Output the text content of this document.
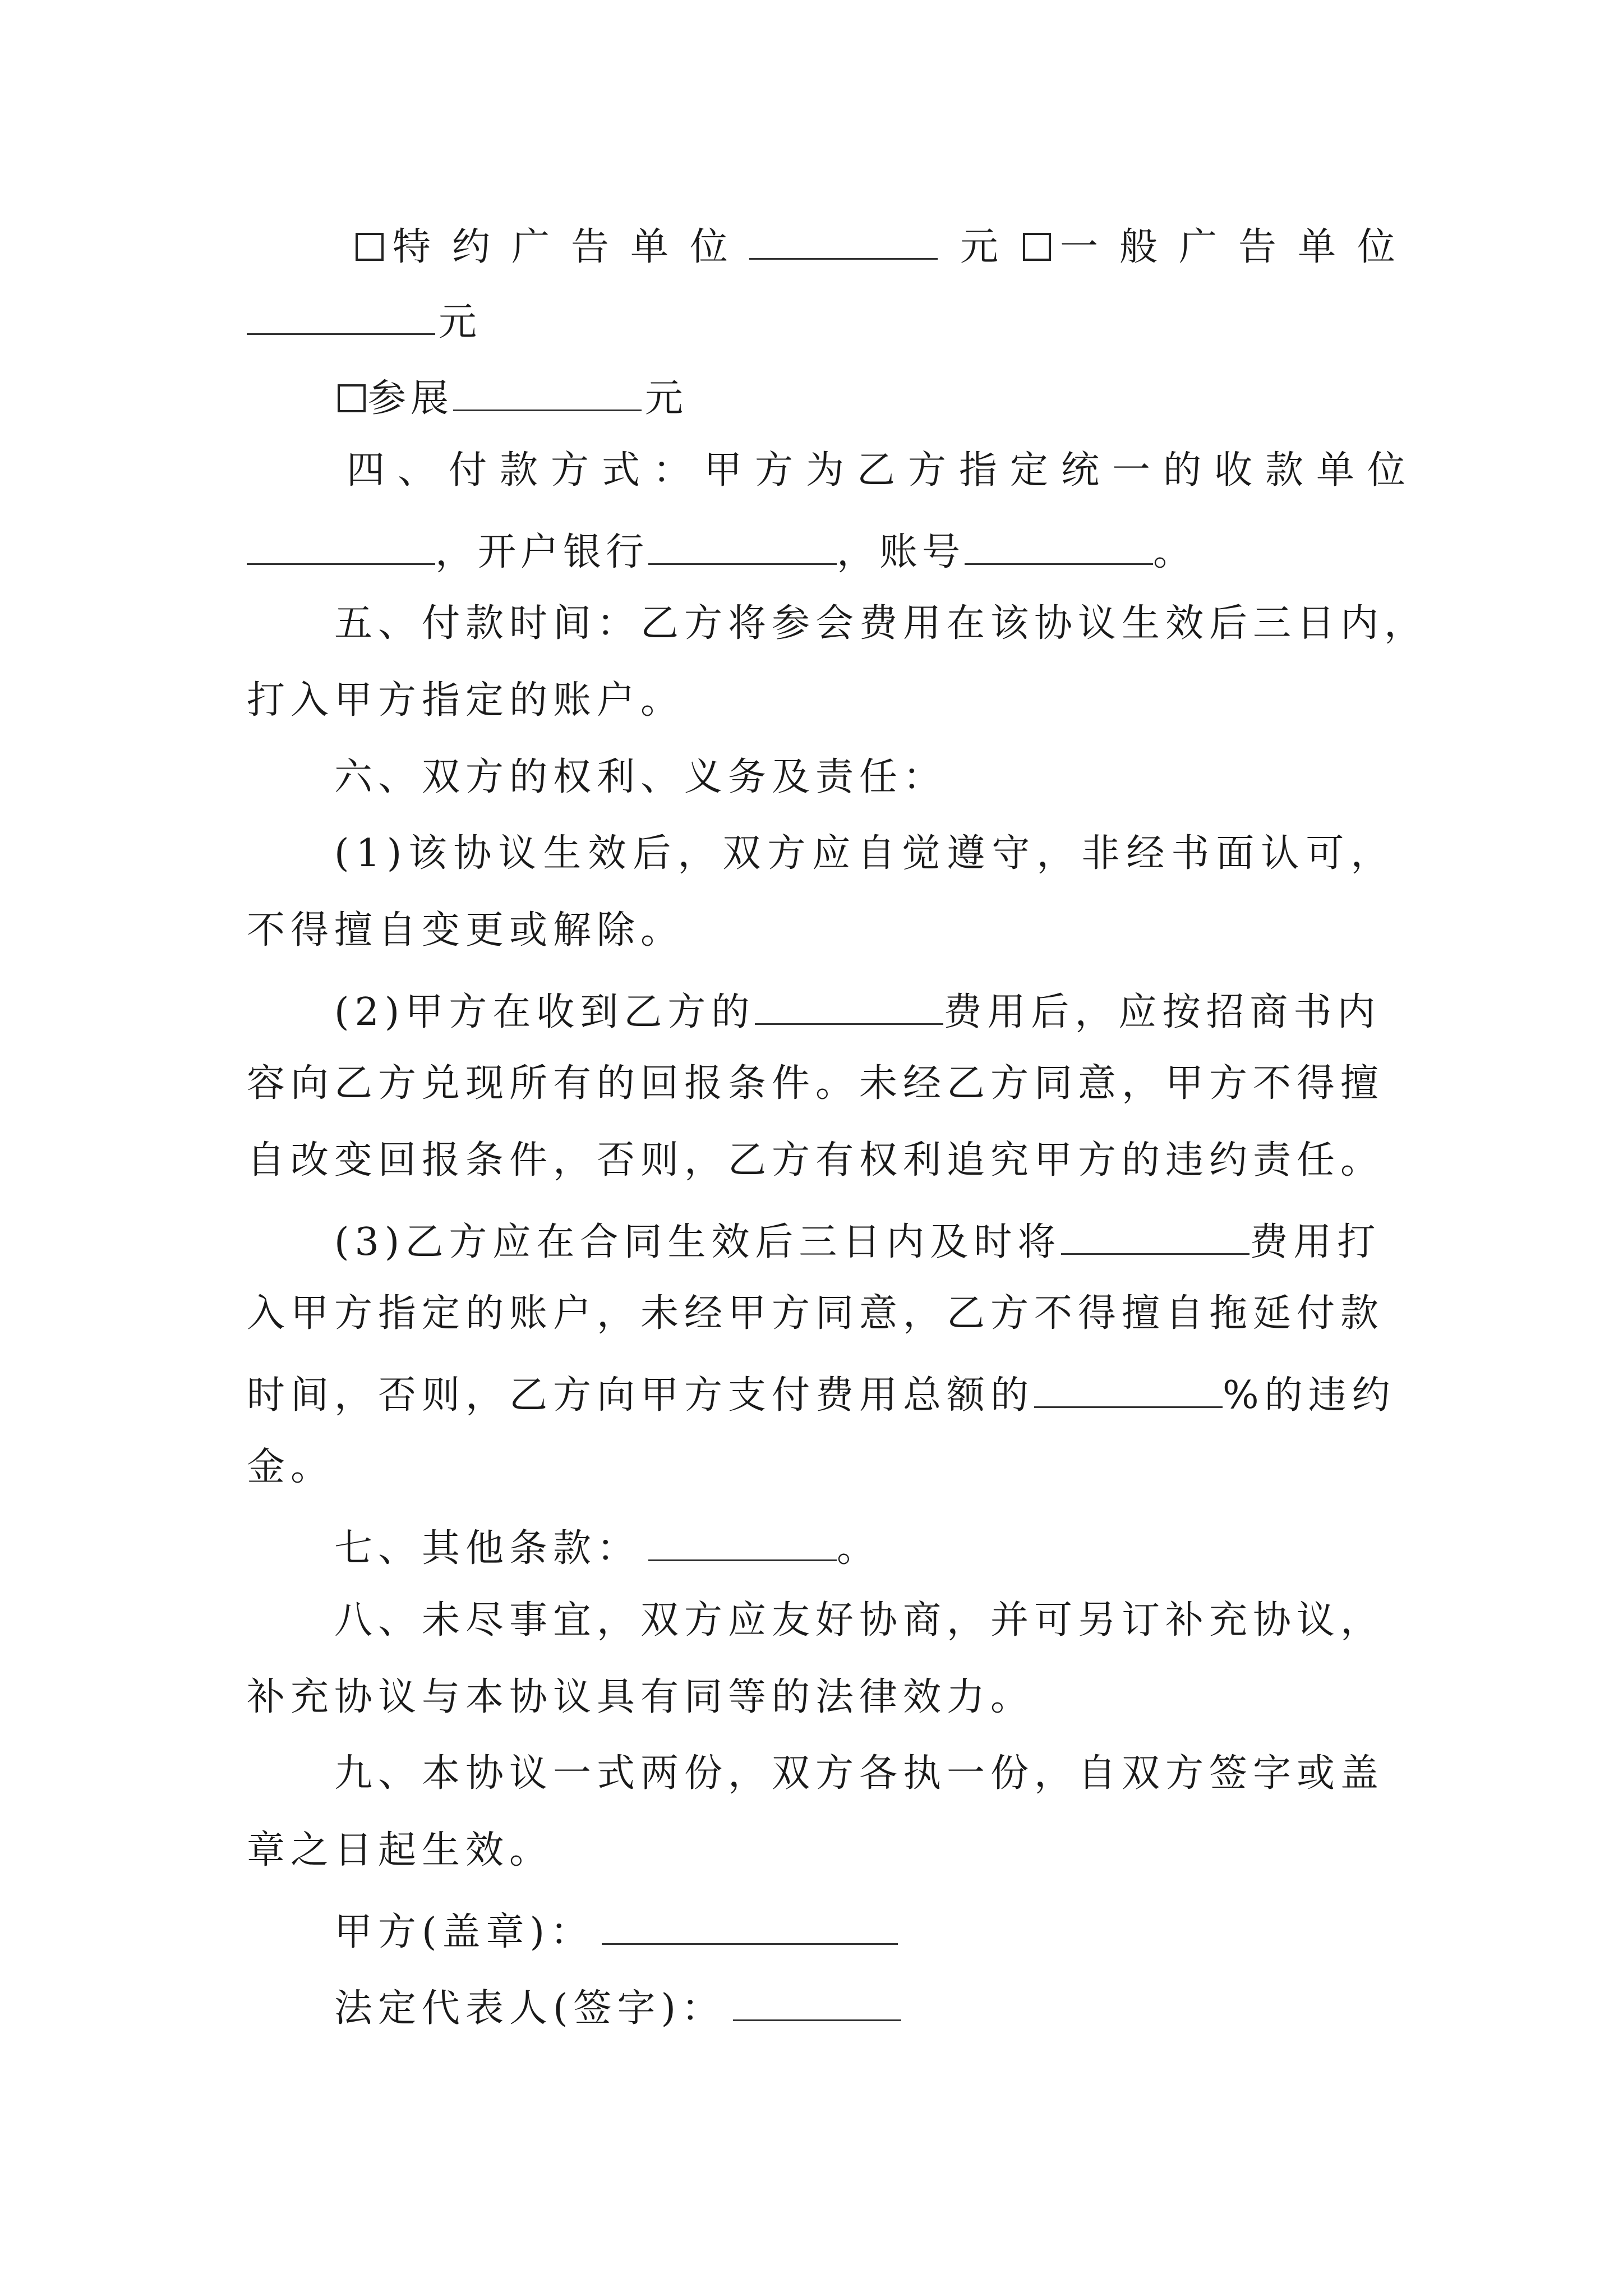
特约广告单位	元 一般广告单位
元
参展	元
四、付款方式：甲方为乙方指定统一的收款单位
，开户银行	，账号	。
五、付款时间：乙方将参会费用在该协议生效后三日内，
打入甲方指定的账户。
六、双方的权利、义务及责任：
(1)该协议生效后，双方应自觉遵守，非经书面认可，
不得擅自变更或解除。
(2)甲方在收到乙方的	费用后，应按招商书内
容向乙方兑现所有的回报条件。未经乙方同意，甲方不得擅
自改变回报条件，否则，乙方有权利追究甲方的违约责任。
(3)乙方应在合同生效后三日内及时将	费用打
入甲方指定的账户，未经甲方同意，乙方不得擅自拖延付款
时间，否则，乙方向甲方支付费用总额的	%的违约
金。
七、其他条款：	。
八、未尽事宜，双方应友好协商，并可另订补充协议，
补充协议与本协议具有同等的法律效力。
九、本协议一式两份，双方各执一份，自双方签字或盖
章之日起生效。
甲方(盖章)：
法定代表人(签字)：
